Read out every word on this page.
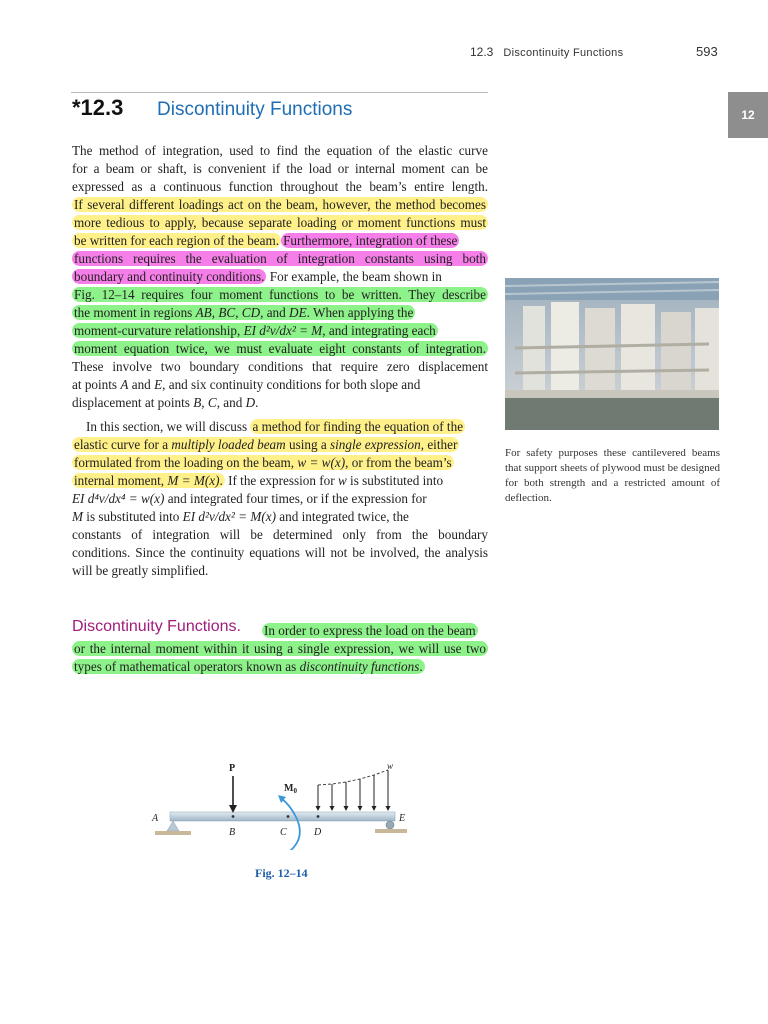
12.3 Discontinuity Functions	593
12
*12.3 Discontinuity Functions
The method of integration, used to find the equation of the elastic curve
for a beam or shaft, is convenient if the load or internal moment can be
expressed as a continuous function throughout the beam’s entire length.
If several different loadings act on the beam, however, the method becomes
more tedious to apply, because separate loading or moment functions must
be written for each region of the beam. Furthermore, integration of these
functions requires the evaluation of integration constants using both
boundary and continuity conditions. For example, the beam shown in
Fig. 12–14 requires four moment functions to be written. They describe
the moment in regions AB, BC, CD, and DE. When applying the
moment-curvature relationship, EI d²v/dx² = M, and integrating each
moment equation twice, we must evaluate eight constants of integration.
These involve two boundary conditions that require zero displacement
at points A and E, and six continuity conditions for both slope and
displacement at points B, C, and D.
In this section, we will discuss a method for finding the equation of the
elastic curve for a multiply loaded beam using a single expression, either
formulated from the loading on the beam, w = w(x), or from the beam’s
internal moment, M = M(x). If the expression for w is substituted into
EI d⁴v/dx⁴ = w(x) and integrated four times, or if the expression for
M is substituted into EI d²v/dx² = M(x) and integrated twice, the
constants of integration will be determined only from the boundary
conditions. Since the continuity equations will not be involved, the analysis
will be greatly simplified.
For safety purposes these cantilevered beams that support sheets of plywood must be designed for both strength and a restricted amount of deflection.
Discontinuity Functions. In order to express the load on the beam
or the internal moment within it using a single expression, we will use two
types of mathematical operators known as discontinuity functions.
P
$M_0$
w
A
B	C	D
E
Fig. 12–14
